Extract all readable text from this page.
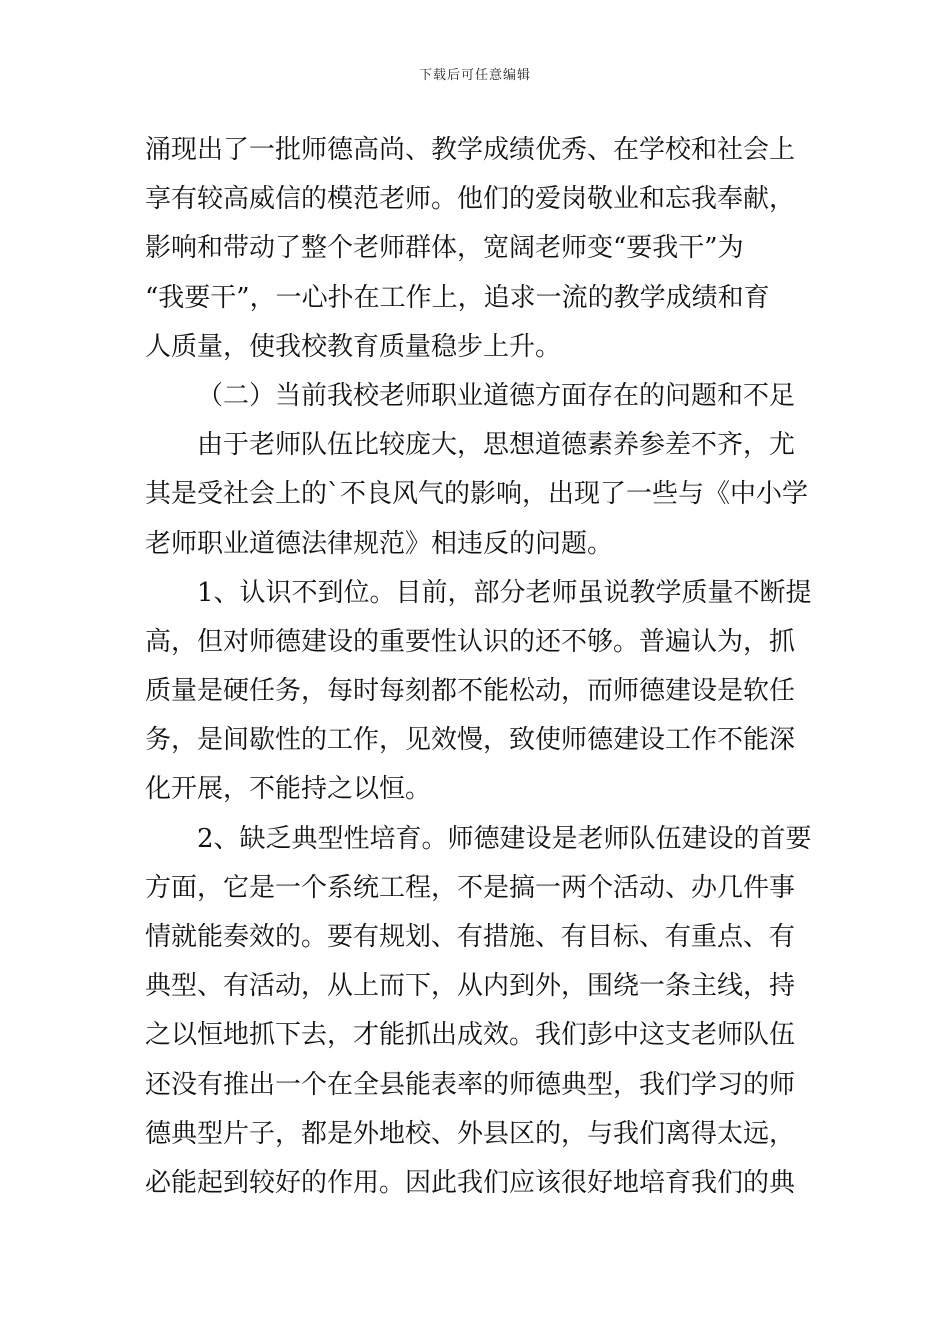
下载后可任意编辑
涌现出了一批师德高尚、教学成绩优秀、在学校和社会上
享有较高威信的模范老师。他们的爱岗敬业和忘我奉献，
影响和带动了整个老师群体，宽阔老师变“要我干”为
“我要干”，一心扑在工作上，追求一流的教学成绩和育
人质量，使我校教育质量稳步上升。
（二）当前我校老师职业道德方面存在的问题和不足
由于老师队伍比较庞大，思想道德素养参差不齐，尤
其是受社会上的`不良风气的影响，出现了一些与《中小学
老师职业道德法律规范》相违反的问题。
1、认识不到位。目前，部分老师虽说教学质量不断提
高，但对师德建设的重要性认识的还不够。普遍认为，抓
质量是硬任务，每时每刻都不能松动，而师德建设是软任
务，是间歇性的工作，见效慢，致使师德建设工作不能深
化开展，不能持之以恒。
2、缺乏典型性培育。师德建设是老师队伍建设的首要
方面，它是一个系统工程，不是搞一两个活动、办几件事
情就能奏效的。要有规划、有措施、有目标、有重点、有
典型、有活动，从上而下，从内到外，围绕一条主线，持
之以恒地抓下去，才能抓出成效。我们彭中这支老师队伍
还没有推出一个在全县能表率的师德典型，我们学习的师
德典型片子，都是外地校、外县区的，与我们离得太远，
必能起到较好的作用。因此我们应该很好地培育我们的典
